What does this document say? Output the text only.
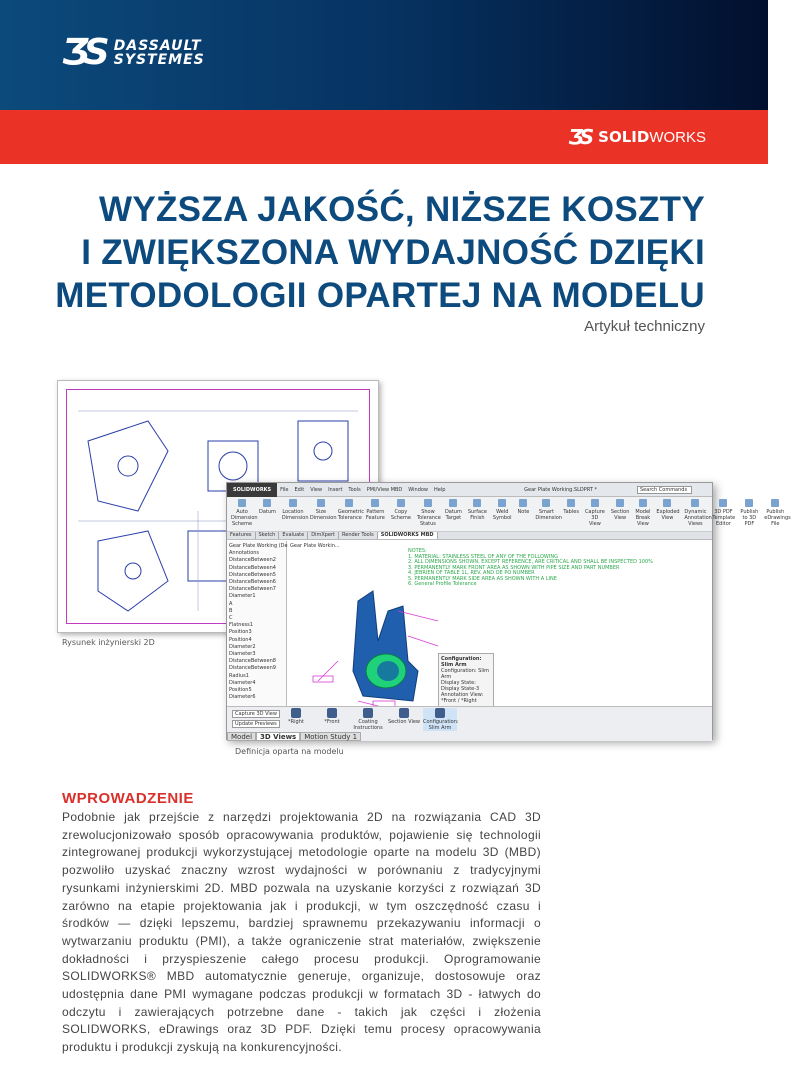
ƷS DASSAULT
SYSTEMES
ƷS SOLID WORKS
WYŻSZA JAKOŚĆ, NIŻSZE KOSZTY
I ZWIĘKSZONA WYDAJNOŚĆ DZIĘKI
METODOLOGII OPARTEJ NA MODELU
Artykuł techniczny
Rysunek inżynierski 2D
SOLIDWORKS	File Edit View Insert Tools PMI/View MBD Window Help	Gear Plate Working.SLDPRT *	Search Commands
Auto Dimension Scheme
Datum Location Dimension
Size Dimension
Geometric Tolerance
Pattern Feature
Copy Scheme
Show Tolerance Status
Datum Target
Surface Finish
Weld Symbol
Note	Smart Dimension
Tables Capture 3D View
Section View
Model Break View
Exploded View
Dynamic Annotation Views
3D PDF Template Editor
Publish to 3D PDF
Publish eDrawings File
Features	Sketch	Evaluate	DimXpert	Render Tools	SOLIDWORKS MBD
Gear Plate Working (De
Annotations
DistanceBetween2
DistanceBetween4
DistanceBetween5
DistanceBetween6
DistanceBetween7
Diameter1
A
B
C
Flatness1
Position3
Position4
Diameter2
Diameter3
DistanceBetween8
DistanceBetween9
Radius1
Diameter4
Position5
Diameter6
Gear Plate Workin...
NOTES:
1. MATERIAL: STAINLESS STEEL OF ANY OF THE FOLLOWING
2. ALL DIMENSIONS SHOWN, EXCEPT REFERENCE, ARE CRITICAL AND SHALL BE INSPECTED 100%
3. PERMANENTLY MARK FRONT AREA AS SHOWN WITH PIPE SIZE AND PART NUMBER
4. JEBRIEN OF TABLE 1L, REV. AND OE PO NUMBER
5. PERMANENTLY MARK SIDE AREA AS SHOWN WITH A LINE
6. General Profile Tolerance
Configuration: Slim Arm
Configuration: Slim Arm
Display State: Display State-3
Annotation View: *Front / *Right
Capture 3D View
Update Previews	*Right	*Front	Coating Instructions
Section View Configuration: Slim Arm
Model	3D Views	Motion Study 1
Definicja oparta na modelu
WPROWADZENIE
Podobnie jak przejście z narzędzi projektowania 2D na rozwiązania CAD 3D zrewolucjonizowało sposób opracowywania produktów, pojawienie się technologii zintegrowanej produkcji wykorzystującej metodologie oparte na modelu 3D (MBD) pozwoliło uzyskać znaczny wzrost wydajności w porównaniu z tradycyjnymi rysunkami inżynierskimi 2D. MBD pozwala na uzyskanie korzyści z rozwiązań 3D zarówno na etapie projektowania jak i produkcji, w tym oszczędność czasu i środków — dzięki lepszemu, bardziej sprawnemu przekazywaniu informacji o wytwarzaniu produktu (PMI), a także ograniczenie strat materiałów, zwiększenie dokładności i przyspieszenie całego procesu produkcji. Oprogramowanie SOLIDWORKS® MBD automatycznie generuje, organizuje, dostosowuje oraz udostępnia dane PMI wymagane podczas produkcji w formatach 3D - łatwych do odczytu i zawierających potrzebne dane - takich jak części i złożenia SOLIDWORKS, eDrawings oraz 3D PDF. Dzięki temu procesy opracowywania produktu i produkcji zyskują na konkurencyjności.
